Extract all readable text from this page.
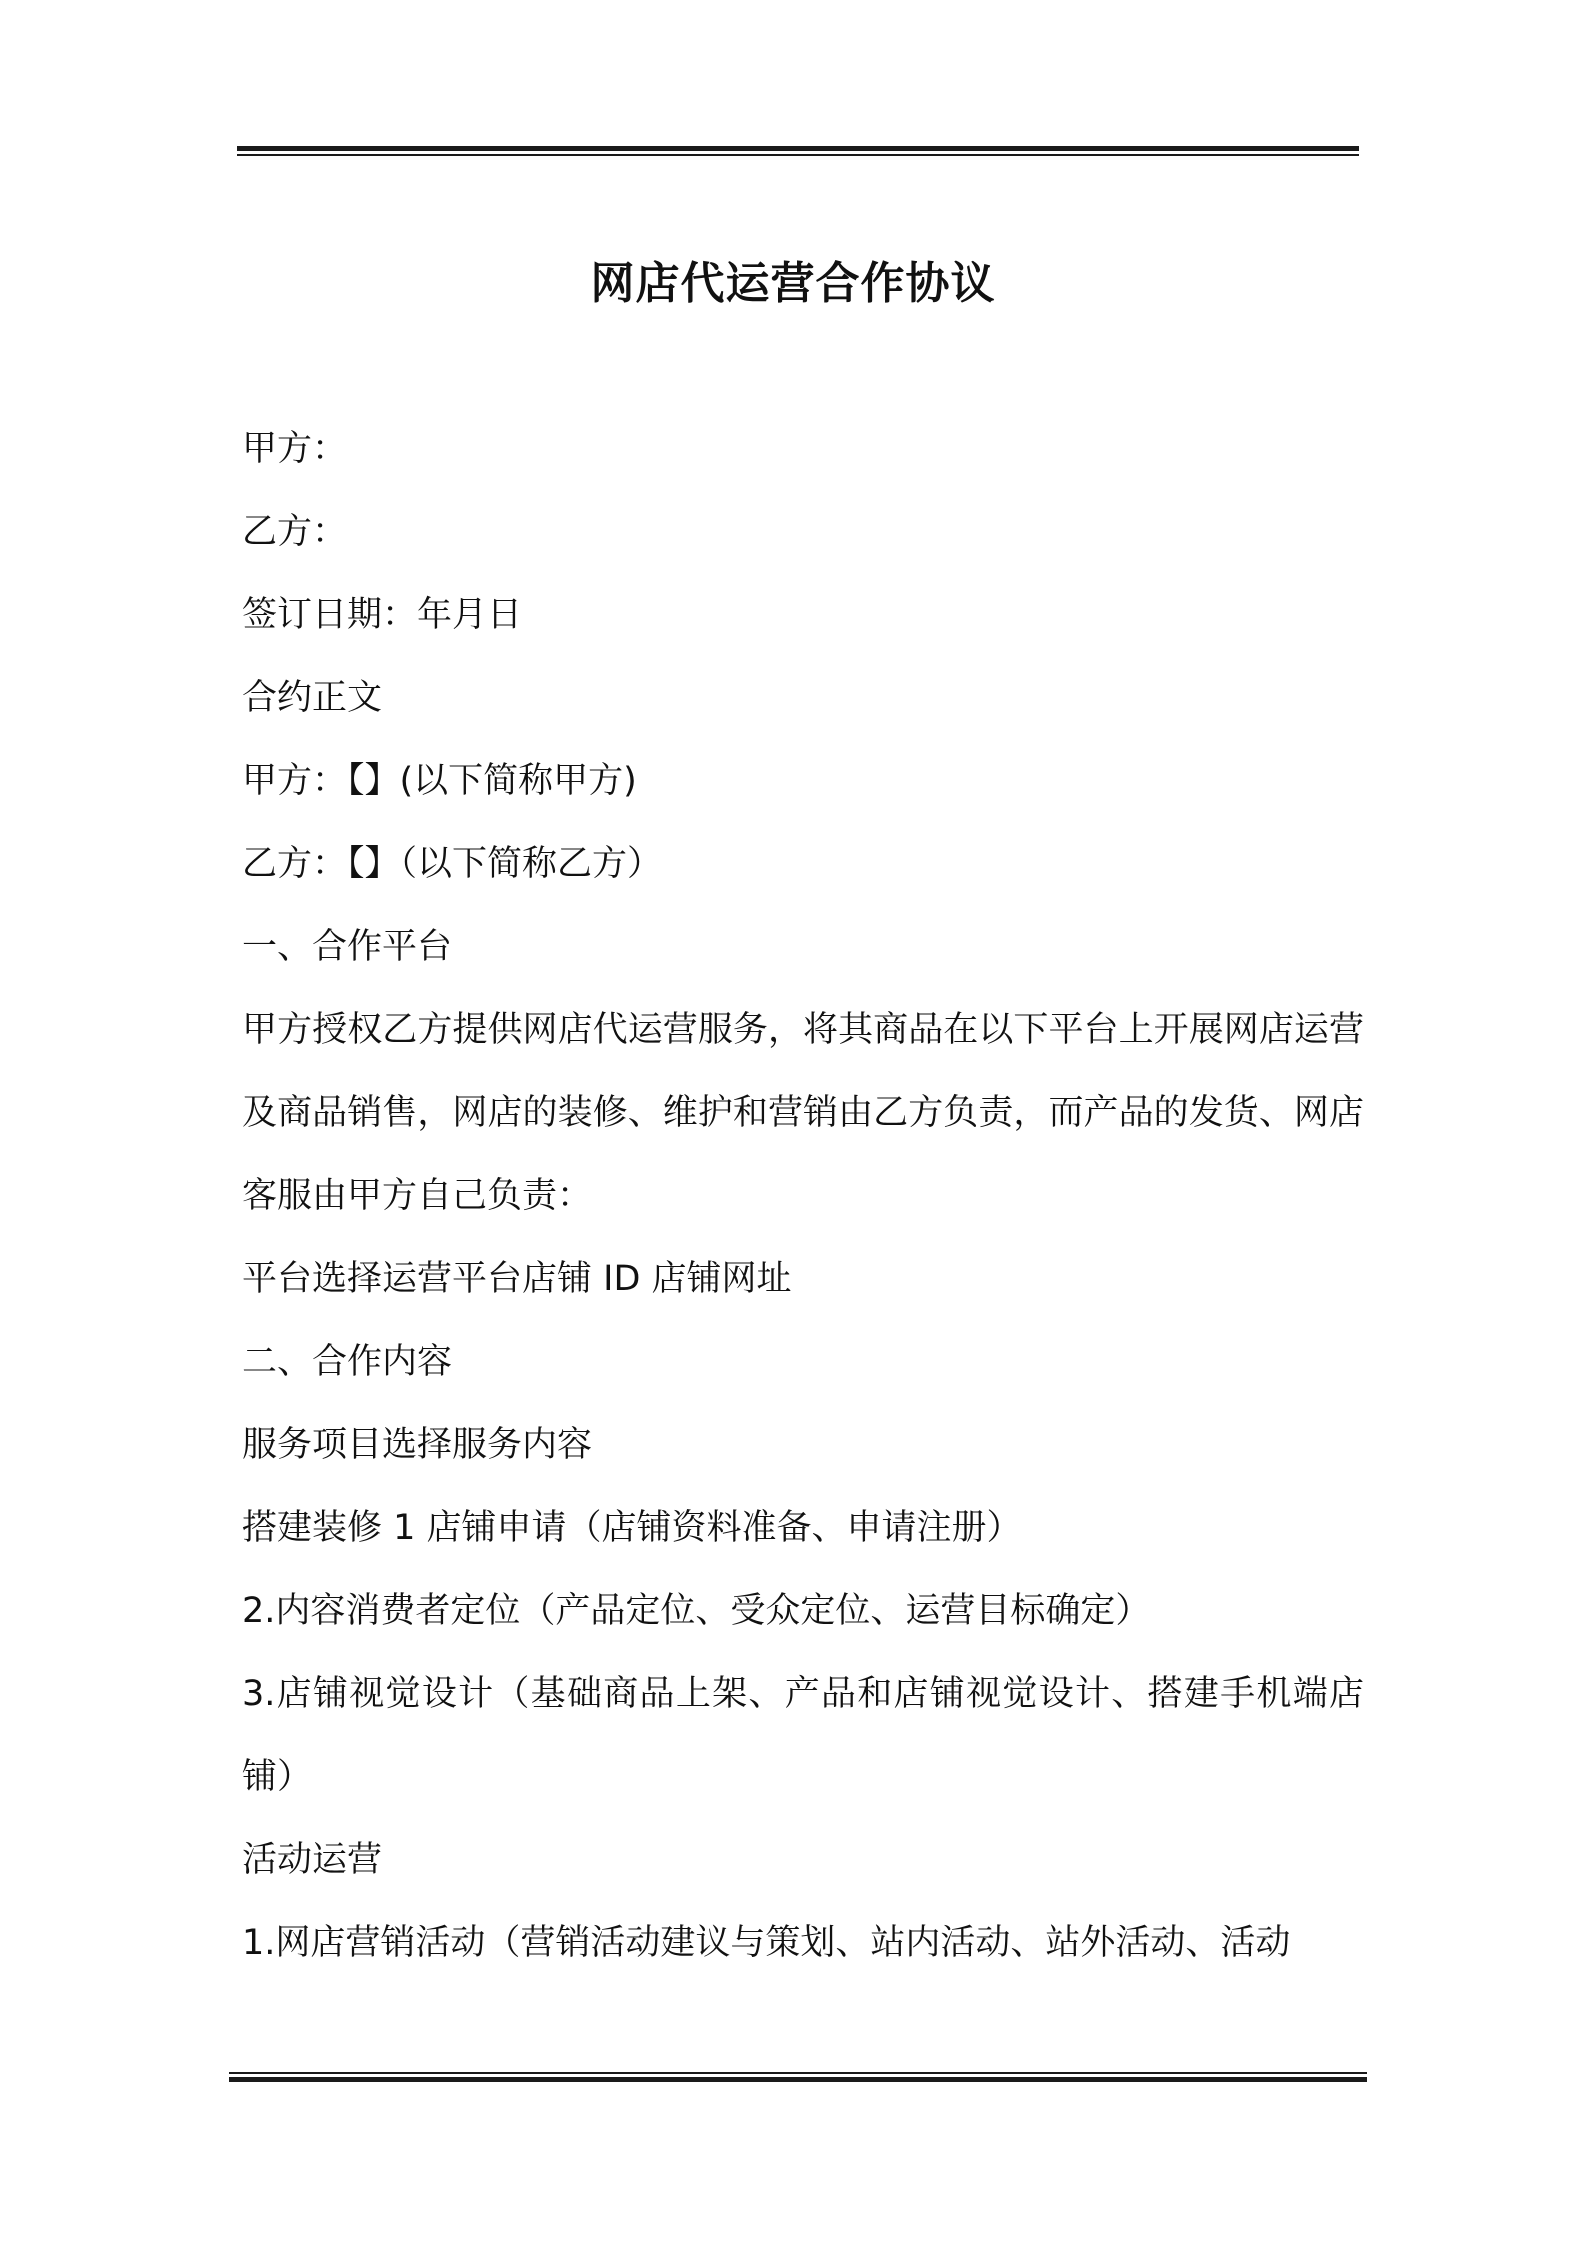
网店代运营合作协议

甲方：

乙方：

签订日期：年月日

合约正文

甲方：【】(以下简称甲方)

乙方：【】（以下简称乙方）

一、合作平台

甲方授权乙方提供网店代运营服务，将其商品在以下平台上开展网店运营及商品销售，网店的装修、维护和营销由乙方负责，而产品的发货、网店客服由甲方自己负责：

平台选择运营平台店铺 ID 店铺网址

二、合作内容

服务项目选择服务内容

搭建装修 1 店铺申请（店铺资料准备、申请注册）

2.内容消费者定位（产品定位、受众定位、运营目标确定）

3.店铺视觉设计（基础商品上架、产品和店铺视觉设计、搭建手机端店铺）

活动运营

1.网店营销活动（营销活动建议与策划、站内活动、站外活动、活动
